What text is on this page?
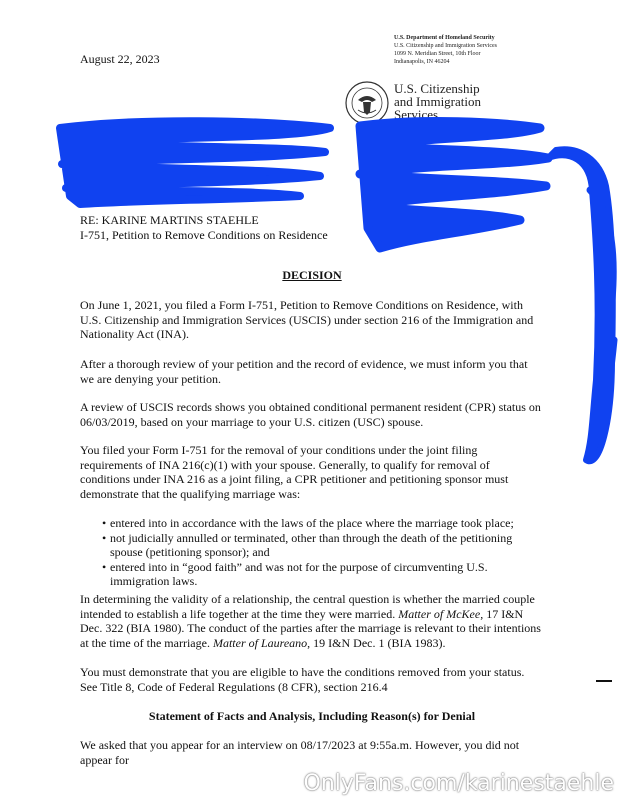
August 22, 2023
U.S. Department of Homeland Security
U.S. Citizenship and Immigration Services
1099 N. Meridian Street, 10th Floor
Indianapolis, IN 46204
U.S. Citizenship
and Immigration
Services
RE: KARINE MARTINS STAEHLE
I-751, Petition to Remove Conditions on Residence
DECISION
On June 1, 2021, you filed a Form I-751, Petition to Remove Conditions on Residence, with U.S. Citizenship and Immigration Services (USCIS) under section 216 of the Immigration and Nationality Act (INA).
After a thorough review of your petition and the record of evidence, we must inform you that we are denying your petition.
A review of USCIS records shows you obtained conditional permanent resident (CPR) status on 06/03/2019, based on your marriage to your U.S. citizen (USC) spouse.
You filed your Form I-751 for the removal of your conditions under the joint filing requirements of INA 216(c)(1) with your spouse. Generally, to qualify for removal of conditions under INA 216 as a joint filing, a CPR petitioner and petitioning sponsor must demonstrate that the qualifying marriage was:
• entered into in accordance with the laws of the place where the marriage took place;
• not judicially annulled or terminated, other than through the death of the petitioning spouse (petitioning sponsor); and
• entered into in “good faith” and was not for the purpose of circumventing U.S. immigration laws.
In determining the validity of a relationship, the central question is whether the married couple intended to establish a life together at the time they were married. Matter of McKee, 17 I&N Dec. 322 (BIA 1980). The conduct of the parties after the marriage is relevant to their intentions at the time of the marriage. Matter of Laureano, 19 I&N Dec. 1 (BIA 1983).
You must demonstrate that you are eligible to have the conditions removed from your status. See Title 8, Code of Federal Regulations (8 CFR), section 216.4
Statement of Facts and Analysis, Including Reason(s) for Denial
We asked that you appear for an interview on 08/17/2023 at 9:55a.m. However, you did not appear for
OnlyFans.com/karinestaehle
